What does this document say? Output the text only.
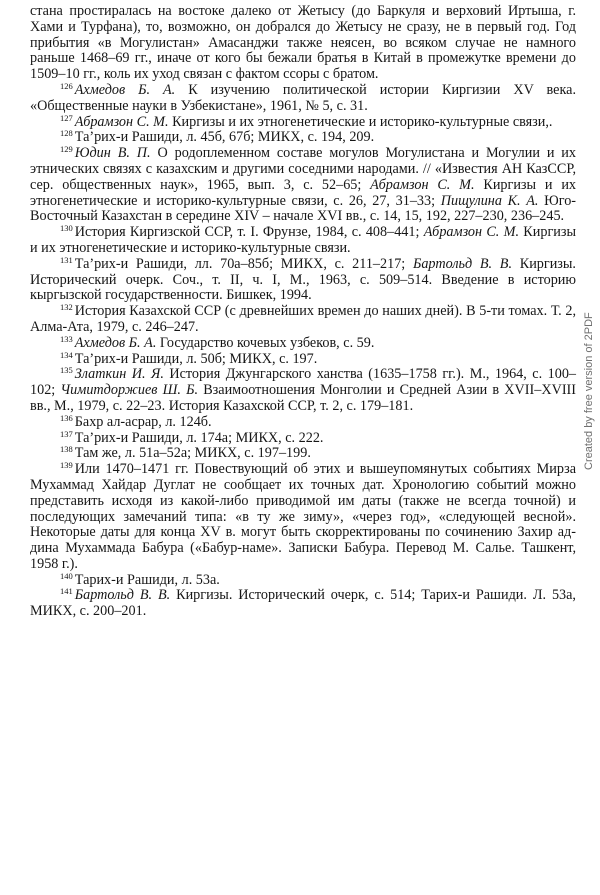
стана простиралась на востоке далеко от Жетысу (до Баркуля и верховий Иртыша, г. Хами и Турфана), то, возможно, он добрался до Жетысу не сразу, не в первый год. Год прибытия «в Могулистан» Амасанджи также неясен, во всяком случае не намного раньше 1468–69 гг., иначе от кого бы бежали братья в Китай в промежутке времени до 1509–10 гг., коль их уход связан с фактом ссоры с братом.

$^{126}$ Ахмедов Б. А. К изучению политической истории Киргизии XV века. «Общественные науки в Узбекистане», 1961, № 5, с. 31.

$^{127}$ Абрамзон С. М. Киргизы и их этногенетические и историко-культурные связи,.

$^{128}$ Та’рих-и Рашиди, л. 45б, 67б; МИКХ, с. 194, 209.

$^{129}$ Юдин В. П. О родоплеменном составе могулов Могулистана и Могулии и их этнических связях с казахским и другими соседними народами. // «Известия АН КазССР, сер. общественных наук», 1965, вып. 3, с. 52–65; Абрамзон С. М. Киргизы и их этногенетические и историко-культурные связи, с. 26, 27, 31–33; Пищулина К. А. Юго-Восточный Казахстан в середине XIV – начале XVI вв., с. 14, 15, 192, 227–230, 236–245.

$^{130}$ История Киргизской ССР, т. I. Фрунзе, 1984, с. 408–441; Абрамзон С. М. Киргизы и их этногенетические и историко-культурные связи.

$^{131}$ Та’рих-и Рашиди, лл. 70а–85б; МИКХ, с. 211–217; Бартольд В. В. Киргизы. Исторический очерк. Соч., т. II, ч. I, М., 1963, с. 509–514. Введение в историю кыргызской государственности. Бишкек, 1994.

$^{132}$ История Казахской ССР (с древнейших времен до наших дней). В 5-ти томах. Т. 2, Алма-Ата, 1979, с. 246–247.

$^{133}$ Ахмедов Б. А. Государство кочевых узбеков, с. 59.

$^{134}$ Та’рих-и Рашиди, л. 50б; МИКХ, с. 197.

$^{135}$ Златкин И. Я. История Джунгарского ханства (1635–1758 гг.). М., 1964, с. 100–102; Чимитдоржиев Ш. Б. Взаимоотношения Монголии и Средней Азии в XVII–XVIII вв., М., 1979, с. 22–23. История Казахской ССР, т. 2, с. 179–181.

$^{136}$ Бахр ал-асрар, л. 124б.

$^{137}$ Та’рих-и Рашиди, л. 174а; МИКХ, с. 222.

$^{138}$ Там же, л. 51а–52а; МИКХ, с. 197–199.

$^{139}$ Или 1470–1471 гг. Повествующий об этих и вышеупомянутых событиях Мирза Мухаммад Хайдар Дуглат не сообщает их точных дат. Хронологию событий можно представить исходя из какой-либо приводимой им даты (также не всегда точной) и последующих замечаний типа: «в ту же зиму», «через год», «следующей весной». Некоторые даты для конца XV в. могут быть скорректированы по сочинению Захир ад-дина Мухаммада Бабура («Бабур-наме». Записки Бабура. Перевод М. Салье. Ташкент, 1958 г.).

$^{140}$ Тарих-и Рашиди, л. 53а.

$^{141}$ Бартольд В. В. Киргизы. Исторический очерк, с. 514; Тарих-и Рашиди. Л. 53а, МИКХ, с. 200–201.

Created by free version of 2PDF
